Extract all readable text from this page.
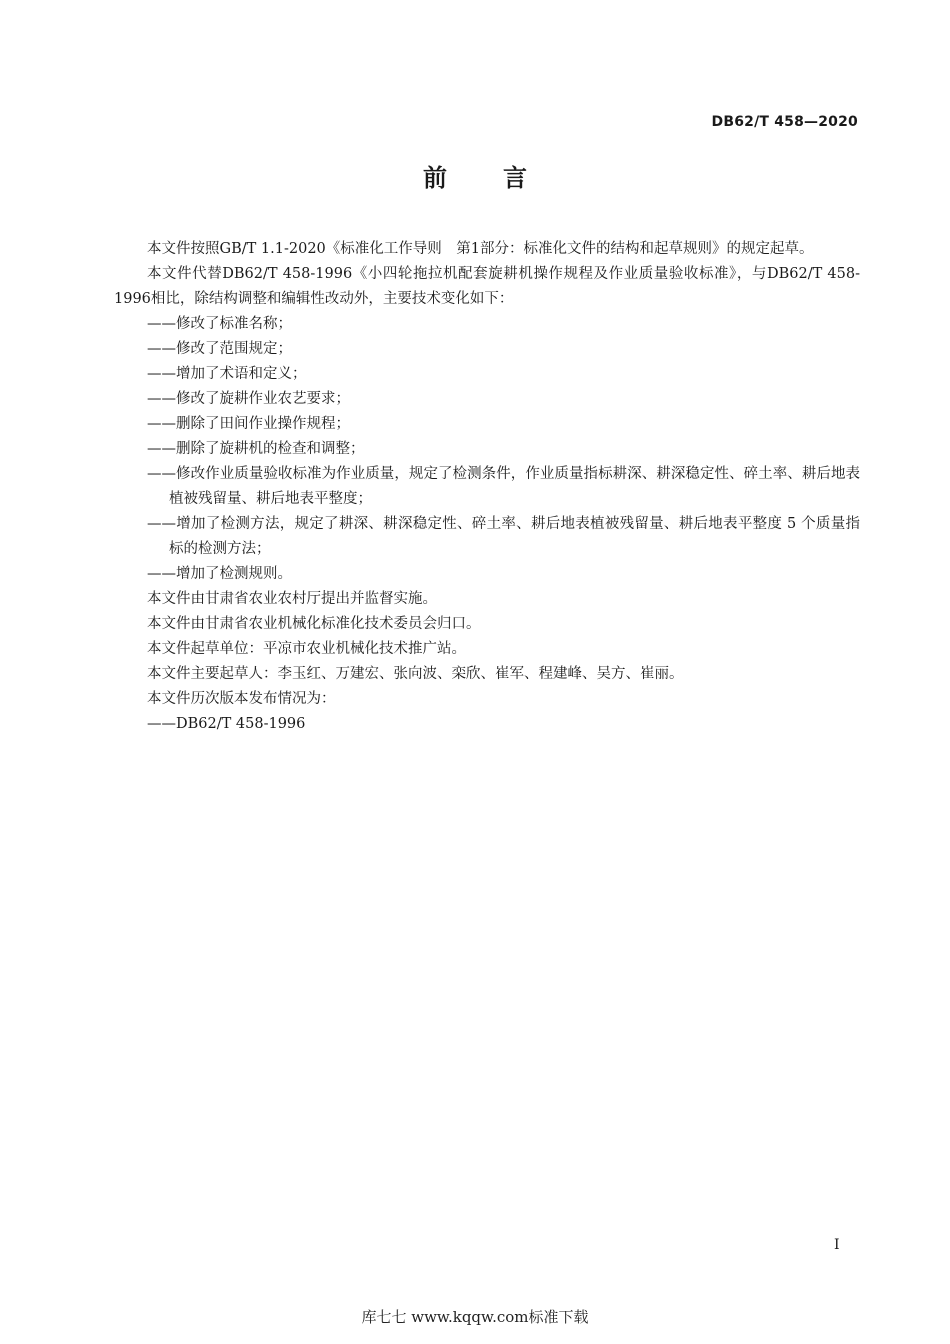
DB62/T 458—2020
前 言

本文件按照GB/T 1.1-2020《标准化工作导则　第1部分：标准化文件的结构和起草规则》的规定起草。

本文件代替DB62/T 458-1996《小四轮拖拉机配套旋耕机操作规程及作业质量验收标准》，与DB62/T 458-1996相比，除结构调整和编辑性改动外，主要技术变化如下：

——修改了标准名称；

——修改了范围规定；

——增加了术语和定义；

——修改了旋耕作业农艺要求；

——删除了田间作业操作规程；

——删除了旋耕机的检查和调整；

——修改作业质量验收标准为作业质量，规定了检测条件，作业质量指标耕深、耕深稳定性、碎土率、耕后地表植被残留量、耕后地表平整度；

——增加了检测方法，规定了耕深、耕深稳定性、碎土率、耕后地表植被残留量、耕后地表平整度 5 个质量指标的检测方法；

——增加了检测规则。

本文件由甘肃省农业农村厅提出并监督实施。

本文件由甘肃省农业机械化标准化技术委员会归口。

本文件起草单位：平凉市农业机械化技术推广站。

本文件主要起草人：李玉红、万建宏、张向波、栾欣、崔军、程建峰、吴方、崔丽。

本文件历次版本发布情况为：

——DB62/T 458-1996

I
库七七 www.kqqw.com标准下载
